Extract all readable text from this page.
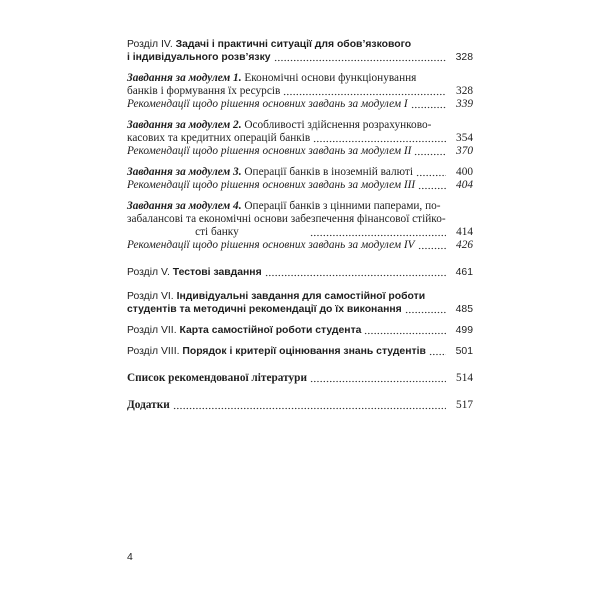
Розділ IV. Задачі і практичні ситуації для обов’язкового
і індивідуального розв’язку	328
Завдання за модулем 1. Економічні основи функціонування
банків і формування їх ресурсів	328
Рекомендації щодо рішення основних завдань за модулем I	339
Завдання за модулем 2. Особливості здійснення розрахунково-
касових та кредитних операцій банків	354
Рекомендації щодо рішення основних завдань за модулем II	370
Завдання за модулем 3. Операції банків в іноземній валюті	400
Рекомендації щодо рішення основних завдань за модулем III	404
Завдання за модулем 4. Операції банків з цінними паперами, по-
забалансові та економічні основи забезпечення фінансової стійко-
сті банку	414
Рекомендації щодо рішення основних завдань за модулем IV	426
Розділ V. Тестові завдання	461
Розділ VI. Індивідуальні завдання для самостійної роботи
студентів та методичні рекомендації до їх виконання	485
Розділ VII. Карта самостійної роботи студента	499
Розділ VIII. Порядок і критерії оцінювання знань студентів	501
Список рекомендованої літератури	514
Додатки	517
4
